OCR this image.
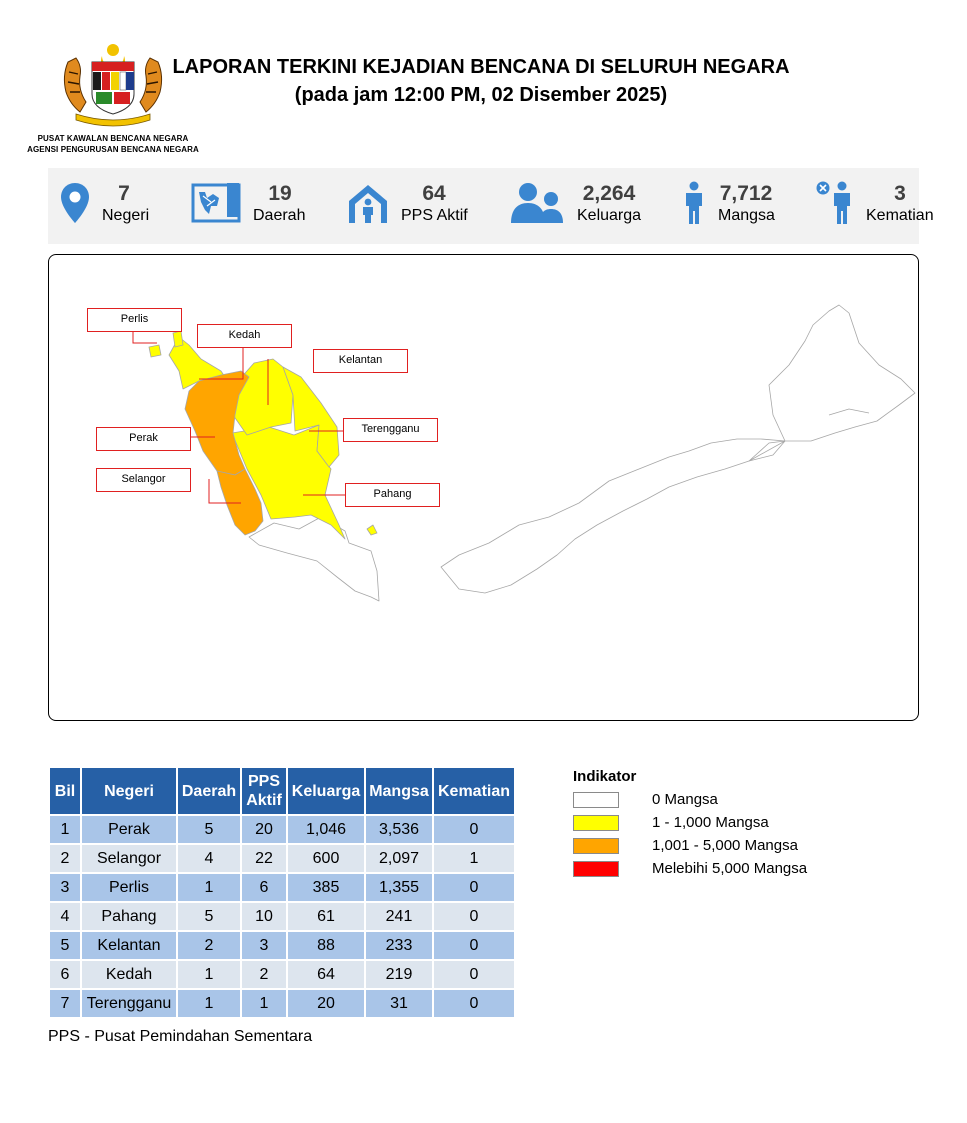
PUSAT KAWALAN BENCANA NEGARA
AGENSI PENGURUSAN BENCANA NEGARA
LAPORAN TERKINI KEJADIAN BENCANA DI SELURUH NEGARA
(pada jam 12:00 PM, 02 Disember 2025)
7
Negeri
19
Daerah
64
PPS Aktif
2,264
Keluarga
7,712
Mangsa
3
Kematian
Perlis
Kedah
Kelantan
Terengganu
Perak
Selangor
Pahang
Bil	Negeri	Daerah	PPS Aktif	Keluarga	Mangsa	Kematian
1	Perak	5	20	1,046	3,536	0
2	Selangor	4	22	600	2,097	1
3	Perlis	1	6	385	1,355	0
4	Pahang	5	10	61	241	0
5	Kelantan	2	3	88	233	0
6	Kedah	1	2	64	219	0
7	Terengganu	1	1	20	31	0
Indikator
0 Mangsa
1 - 1,000 Mangsa
1,001 - 5,000 Mangsa
Melebihi 5,000 Mangsa
PPS - Pusat Pemindahan Sementara
